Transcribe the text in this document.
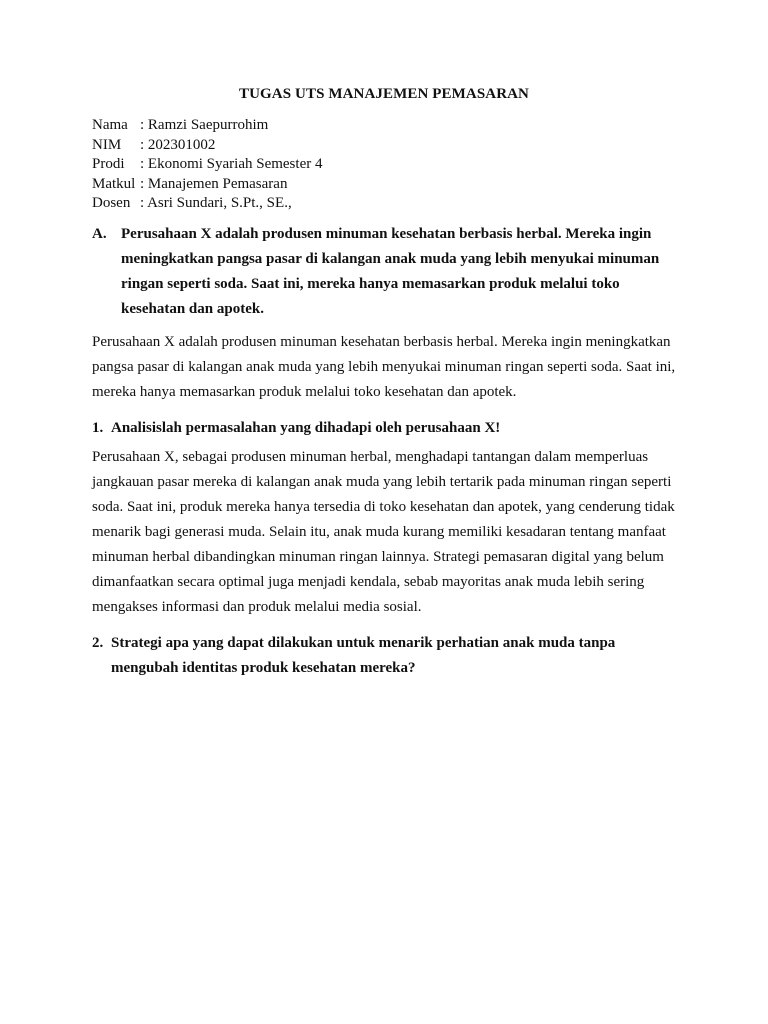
TUGAS UTS MANAJEMEN PEMASARAN
Nama : Ramzi Saepurrohim
NIM	: 202301002
Prodi	: Ekonomi Syariah Semester 4
Matkul : Manajemen Pemasaran
Dosen : Asri Sundari, S.Pt., SE.,
A. Perusahaan X adalah produsen minuman kesehatan berbasis herbal. Mereka ingin meningkatkan pangsa pasar di kalangan anak muda yang lebih menyukai minuman ringan seperti soda. Saat ini, mereka hanya memasarkan produk melalui toko kesehatan dan apotek.
Perusahaan X adalah produsen minuman kesehatan berbasis herbal. Mereka ingin meningkatkan pangsa pasar di kalangan anak muda yang lebih menyukai minuman ringan seperti soda. Saat ini, mereka hanya memasarkan produk melalui toko kesehatan dan apotek.
1. Analisislah permasalahan yang dihadapi oleh perusahaan X!
Perusahaan X, sebagai produsen minuman herbal, menghadapi tantangan dalam memperluas jangkauan pasar mereka di kalangan anak muda yang lebih tertarik pada minuman ringan seperti soda. Saat ini, produk mereka hanya tersedia di toko kesehatan dan apotek, yang cenderung tidak menarik bagi generasi muda. Selain itu, anak muda kurang memiliki kesadaran tentang manfaat minuman herbal dibandingkan minuman ringan lainnya. Strategi pemasaran digital yang belum dimanfaatkan secara optimal juga menjadi kendala, sebab mayoritas anak muda lebih sering mengakses informasi dan produk melalui media sosial.
2. Strategi apa yang dapat dilakukan untuk menarik perhatian anak muda tanpa mengubah identitas produk kesehatan mereka?
